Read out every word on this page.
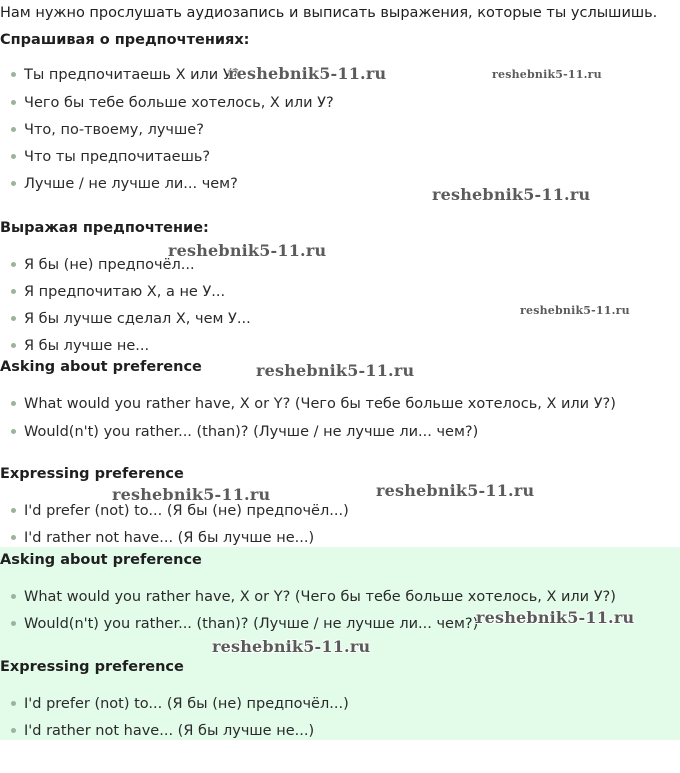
Нам нужно прослушать аудиозапись и выписать выражения, которые ты услышишь.
Спрашивая о предпочтениях:
Ты предпочитаешь X или У?
Чего бы тебе больше хотелось, X или У?
Что, по-твоему, лучше?
Что ты предпочитаешь?
Лучше / не лучше ли... чем?
Выражая предпочтение:
Я бы (не) предпочёл...
Я предпочитаю X, а не У...
Я бы лучше сделал X, чем У...
Я бы лучше не...
Asking about preference
What would you rather have, X or Y? (Чего бы тебе больше хотелось, X или У?)
Would(n't) you rather... (than)? (Лучше / не лучше ли... чем?)
Expressing preference
I'd prefer (not) to... (Я бы (не) предпочёл...)
I'd rather not have... (Я бы лучше не...)
Asking about preference
What would you rather have, X or Y? (Чего бы тебе больше хотелось, X или У?)
Would(n't) you rather... (than)? (Лучше / не лучше ли... чем?)
Expressing preference
I'd prefer (not) to... (Я бы (не) предпочёл...)
I'd rather not have... (Я бы лучше не...)
reshebnik5-11.ru	reshebnik5-11.ru
reshebnik5-11.ru
reshebnik5-11.ru
reshebnik5-11.ru
reshebnik5-11.ru
reshebnik5-11.ru	reshebnik5-11.ru
reshebnik5-11.ru
reshebnik5-11.ru
